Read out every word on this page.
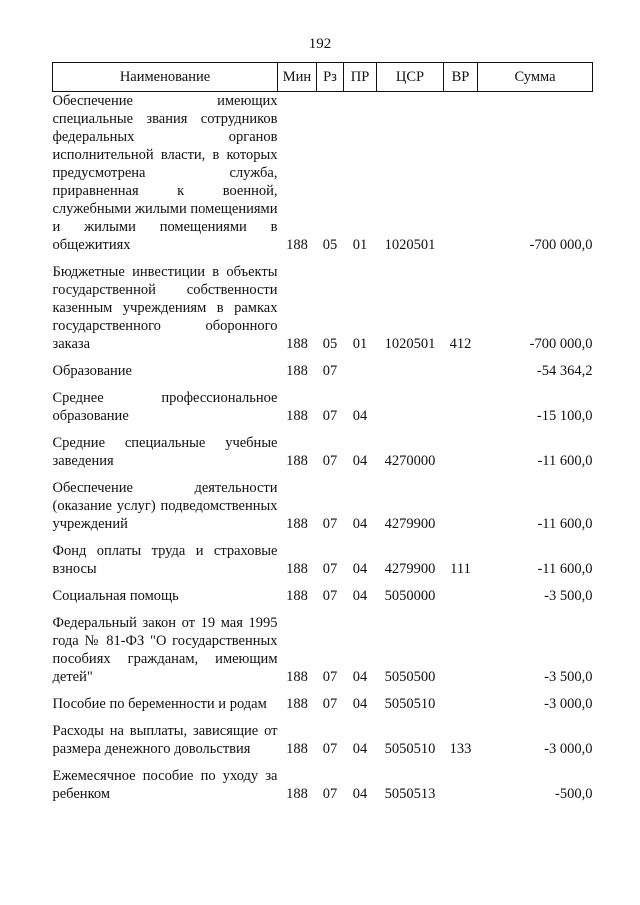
192
Наименование	Мин	Рз	ПР	ЦСР	ВР	Сумма
Обеспечение имеющих специальные звания сотрудников федеральных органов исполнительной власти, в которых предусмотрена служба, приравненная к военной, служебными жилыми помещениями и жилыми помещениями в общежитиях	188	05	01	1020501		-700 000,0

Бюджетные инвестиции в объекты государственной собственности казенным учреждениям в рамках государственного оборонного заказа	188	05	01	1020501	412	-700 000,0

Образование	188	07				-54 364,2

Среднее профессиональное образование	188	07	04			-15 100,0

Средние специальные учебные заведения	188	07	04	4270000		-11 600,0

Обеспечение деятельности (оказание услуг) подведомственных учреждений	188	07	04	4279900		-11 600,0

Фонд оплаты труда и страховые взносы	188	07	04	4279900	111	-11 600,0

Социальная помощь	188	07	04	5050000		-3 500,0

Федеральный закон от 19 мая 1995 года № 81-ФЗ "О государственных пособиях гражданам, имеющим детей"	188	07	04	5050500		-3 500,0

Пособие по беременности и родам	188	07	04	5050510		-3 000,0

Расходы на выплаты, зависящие от размера денежного довольствия	188	07	04	5050510	133	-3 000,0

Ежемесячное пособие по уходу за ребенком	188	07	04	5050513		-500,0
